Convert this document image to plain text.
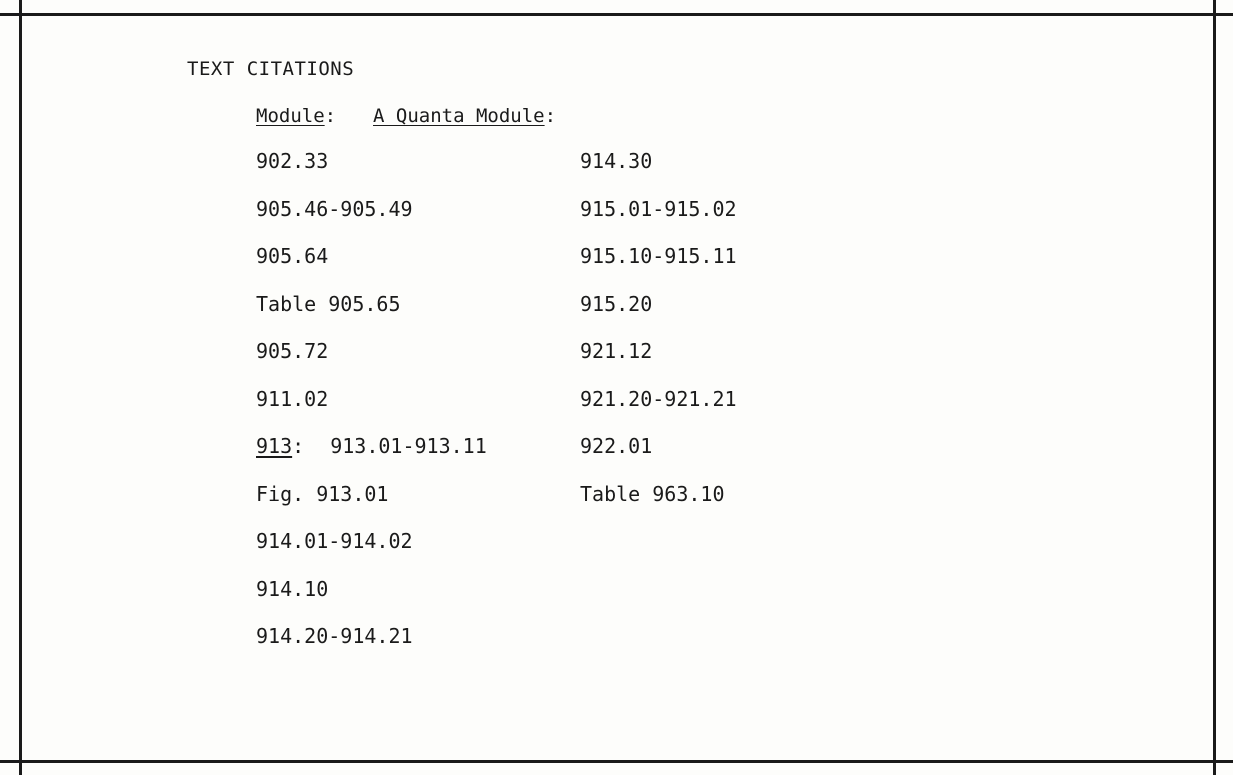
TEXT CITATIONS
Module: A Quanta Module:
902.33
905.46-905.49
905.64
Table 905.65
905.72
911.02
913: 913.01-913.11
Fig. 913.01
914.01-914.02
914.10
914.20-914.21
914.30
915.01-915.02
915.10-915.11
915.20
921.12
921.20-921.21
922.01
Table 963.10
